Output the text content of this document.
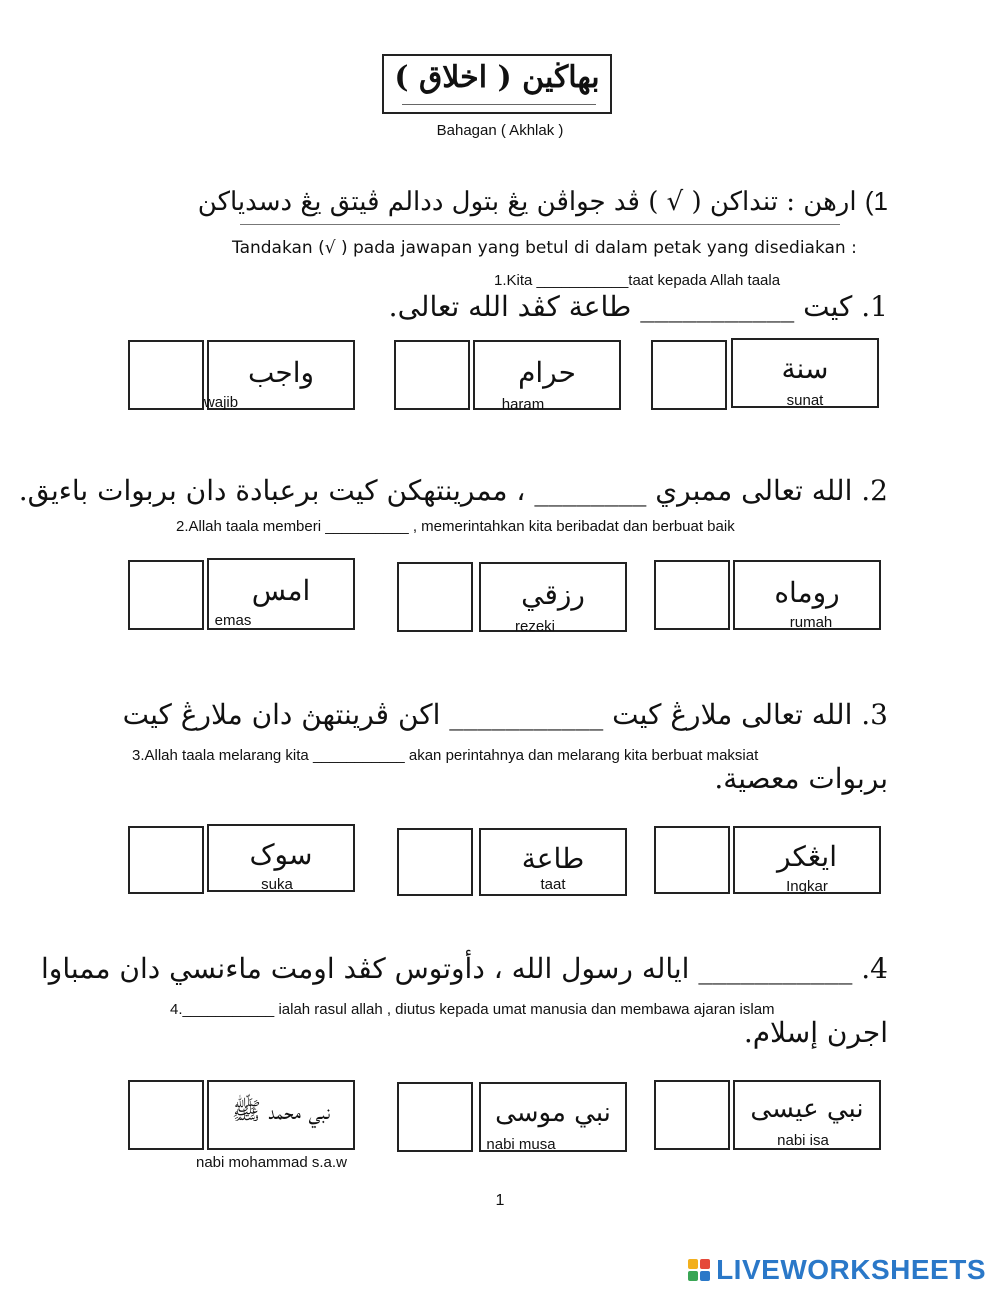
بهاڬين ( اخلاق )
Bahagan ( Akhlak )
1) ارهن : تنداکن ( √ ) ڤد جواڤن يڠ بتول ددالم ڤيتق يڠ دسدياکن
Tandakan (√ ) pada jawapan yang betul di dalam petak yang disediakan :
1.Kita ___________taat kepada Allah taala
1. کيت ___________ طاعة کڤد الله تعالى.
واجب
wajib
حرام
haram
سنة
sunat
2. الله تعالى ممبري ________ ، ممرينتهکن کيت برعبادة دان بربوات باءيق.
2.Allah taala memberi __________ , memerintahkan kita beribadat dan berbuat baik
امس
emas
رزقي
rezeki
روماه
rumah
3. الله تعالى ملارڠ کيت ___________ اکن ڤرينتهڽ دان ملارڠ کيت
3.Allah taala melarang kita ___________ akan perintahnya dan melarang kita berbuat maksiat
بربوات معصية.
سوک
suka
طاعة
taat
ايڠکر
Ingkar
4. ___________ اياله رسول الله ، دأوتوس کڤد اومت ماءنسي دان ممباوا
4.___________ ialah rasul allah , diutus kepada umat manusia dan membawa ajaran islam
اجرن إسلام.
نبي محمد ﷺ
nabi mohammad s.a.w
نبي موسى
nabi musa
نبي عيسى
nabi isa
1
LIVEWORKSHEETS
